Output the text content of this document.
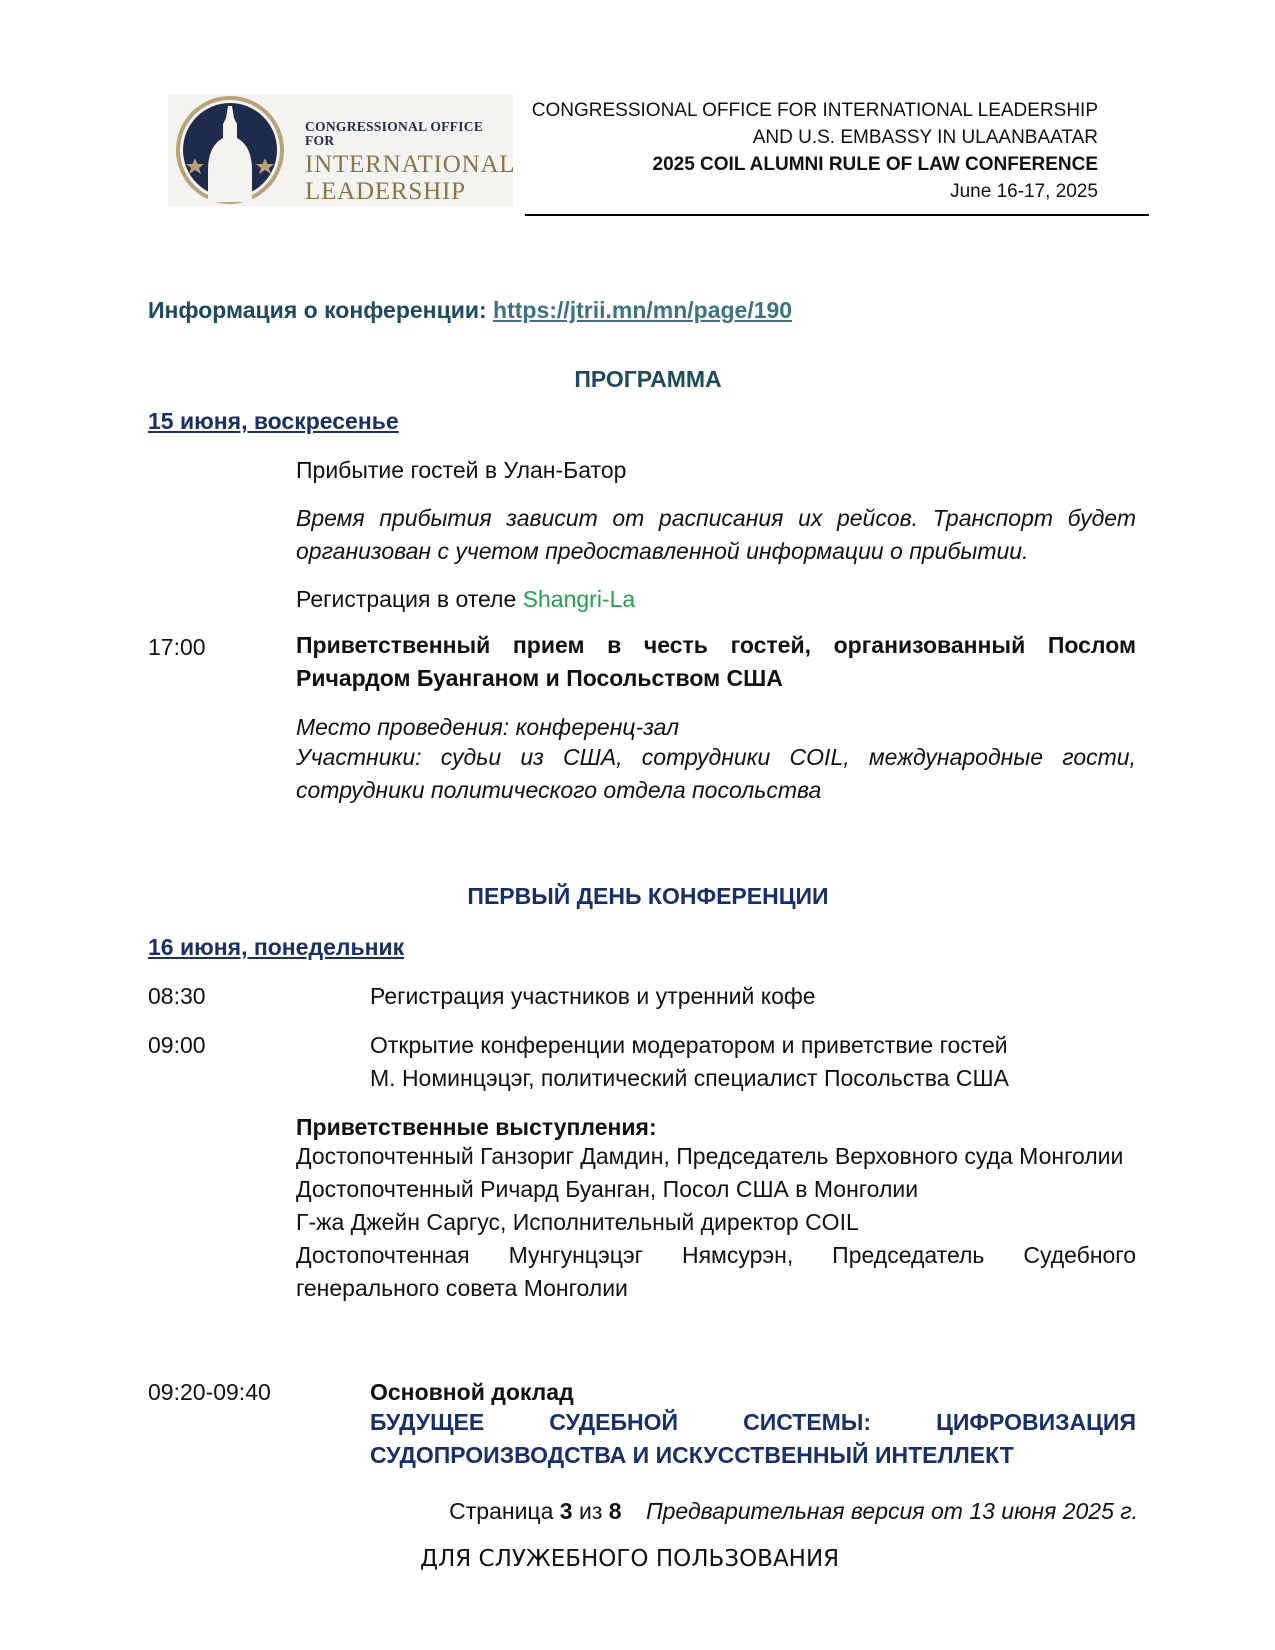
CONGRESSIONAL OFFICE FOR
INTERNATIONAL
LEADERSHIP
CONGRESSIONAL OFFICE FOR INTERNATIONAL LEADERSHIP
AND U.S. EMBASSY IN ULAANBAATAR
2025 COIL ALUMNI RULE OF LAW CONFERENCE
June 16-17, 2025
Информация о конференции: https://jtrii.mn/mn/page/190
ПРОГРАММА
15 июня, воскресенье
Прибытие гостей в Улан-Батор
Время прибытия зависит от расписания их рейсов. Транспорт будет организован с учетом предоставленной информации о прибытии.
Регистрация в отеле Shangri-La
17:00	Приветственный прием в честь гостей, организованный Послом Ричардом Буанганом и Посольством США
Место проведения: конференц-зал
Участники: судьи из США, сотрудники COIL, международные гости, сотрудники политического отдела посольства
ПЕРВЫЙ ДЕНЬ КОНФЕРЕНЦИИ
16 июня, понедельник
08:30	Регистрация участников и утренний кофе
09:00	Открытие конференции модератором и приветствие гостей
М. Номинцэцэг, политический специалист Посольства США
Приветственные выступления:
Достопочтенный Ганзориг Дамдин, Председатель Верховного суда Монголии
Достопочтенный Ричард Буанган, Посол США в Монголии
Г-жа Джейн Саргус, Исполнительный директор COIL
Достопочтенная Мунгунцэцэг Нямсурэн, Председатель Судебного генерального совета Монголии
09:20-09:40	Основной доклад
БУДУЩЕЕ СУДЕБНОЙ СИСТЕМЫ: ЦИФРОВИЗАЦИЯ СУДОПРОИЗВОДСТВА И ИСКУССТВЕННЫЙ ИНТЕЛЛЕКТ
Страница 3 из 8 Предварительная версия от 13 июня 2025 г.
ДЛЯ СЛУЖЕБНОГО ПОЛЬЗОВАНИЯ
